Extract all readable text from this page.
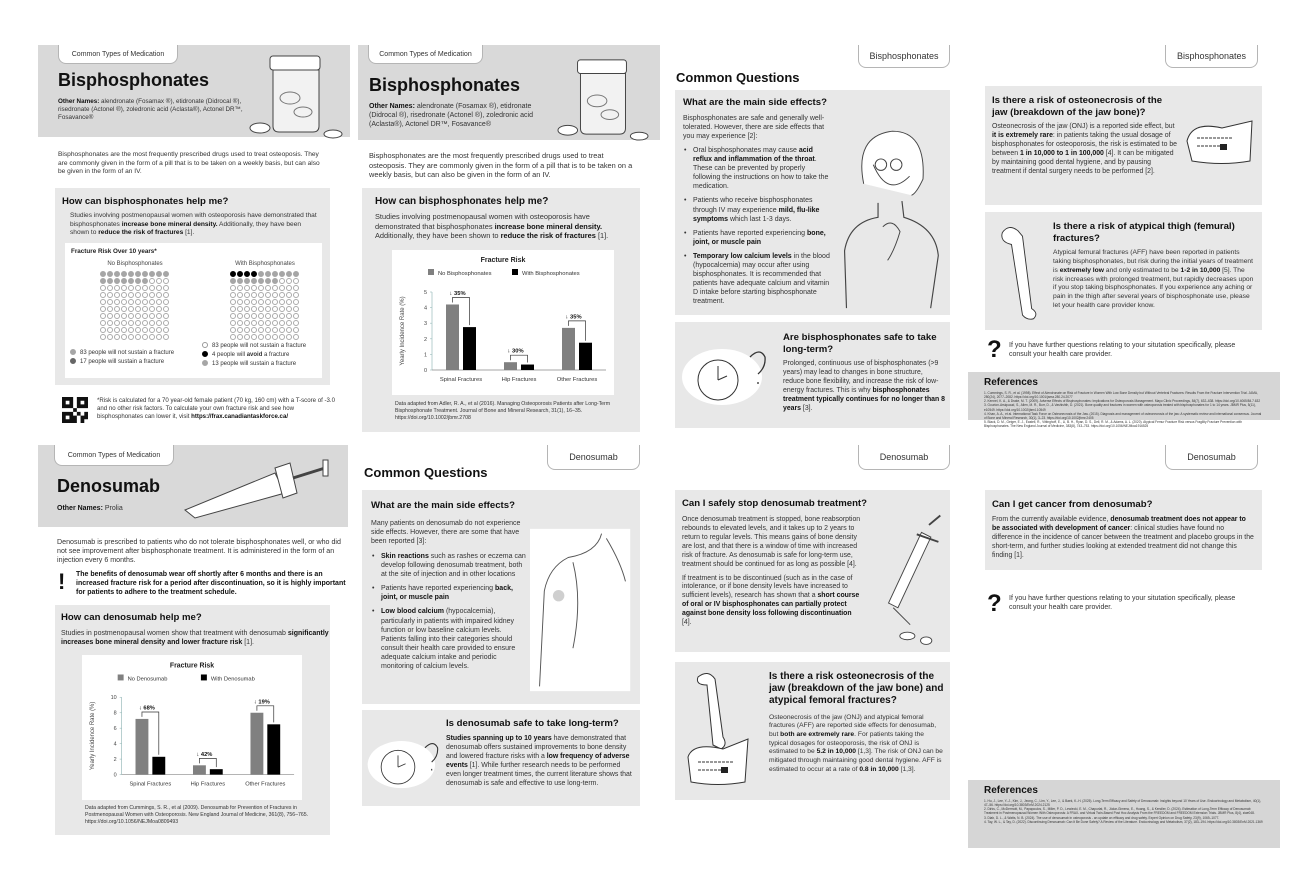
Common Types of Medication
Bisphosphonates
Other Names: alendronate (Fosamax ®), etidronate (Didrocal ®), risedronate (Actonel ®), zoledronic acid (Aclasta®), Actonel DR™, Fosavance®
Bisphosphonates are the most frequently prescribed drugs used to treat osteoposis. They are commonly given in the form of a pill that is to be taken on a weekly basis, but can also be given in the form of an IV.
How can bisphosphonates help me?
Studies involving postmenopausal women with osteoporosis have demonstrated that bisphosphonates increase bone mineral density. Additionally, they have been shown to reduce the risk of fractures [1].
Fracture Risk Over 10 years*
No Bisphosphonates	With Bisphosphonates
83 people will not sustain a fracture
17 people will sustain a fracture
83 people will not sustain a fracture
4 people will avoid a fracture
13 people will sustain a fracture
*Risk is calculated for a 70 year-old female patient (70 kg, 160 cm) with a T-score of -3.0 and no other risk factors. To calculate your own fracture risk and see how bisphosphonates can lower it, visit https://frax.canadiantaskforce.ca/
Common Types of Medication
Bisphosphonates
Other Names: alendronate (Fosamax ®), etidronate (Didrocal ®), risedronate (Actonel ®), zoledronic acid (Aclasta®), Actonel DR™, Fosavance®
Bisphosphonates are the most frequently prescribed drugs used to treat osteoposis. They are commonly given in the form of a pill that is to be taken on a weekly basis, but can also be given in the form of an IV.
How can bisphosphonates help me?
Studies involving postmenopausal women with osteoporosis have demonstrated that bisphosphonates increase bone mineral density. Additionally, they have been shown to reduce the risk of fractures [1].
Fracture Risk
No Bisphosphonates	With Bisphosphonates
Yearly Incidence Rate (%)
0
1
2
3
4
5
Spinal Fractures
↓ 35%
Hip Fractures
↓ 30%
Other Fractures
↓ 35%
Data adapted from Adler, R. A., et al (2016). Managing Osteoporosis Patients after Long-Term Bisphosphonate Treatment. Journal of Bone and Mineral Research, 31(1), 16–35. https://doi.org/10.1002/jbmr.2708
Bisphosphonates
Common Questions
What are the main side effects?
Bisphosphonates are safe and generally well-tolerated. However, there are side effects that you may experience [2]:
• Oral bisphosphonates may cause acid reflux and inflammation of the throat. These can be prevented by properly following the instructions on how to take the medication.
• Patients who receive bisphosphonates through IV may experience mild, flu-like symptoms which last 1-3 days.
• Patients have reported experiencing bone, joint, or muscle pain
• Temporary low calcium levels in the blood (hypocalcemia) may occur after using bisphosphonates. It is recommended that patients have adequate calcium and vitamin D intake before starting bisphosphonate treatment.
Are bisphosphonates safe to take long-term?
Prolonged, continuous use of bisphosphonates (>9 years) may lead to changes in bone structure, reduce bone flexibility, and increase the risk of low-energy fractures. This is why bisphosphonates treatment typically continues for no longer than 8 years [3].
Bisphosphonates
Is there a risk of osteonecrosis of the jaw (breakdown of the jaw bone)?
Osteonecrosis of the jaw (ONJ) is a reported side effect, but it is extremely rare: in patients taking the usual dosage of bisphosphonates for osteoporosis, the risk is estimated to be between 1 in 10,000 to 1 in 100,000 [4]. It can be mitigated by maintaining good dental hygiene, and by pausing treatment if dental surgery needs to be performed [2].
Is there a risk of atypical thigh (femural) fractures?
Atypical femural fractures (AFF) have been reported in patients taking bisphosphonates, but risk during the initial years of treatment is extremely low and only estimated to be 1-2 in 10,000 [5]. The risk increases with prolonged treatment, but rapidly decreases upon if you stop taking bisphosphonates. If you experience any aching or pain in the thigh after several years of bisphosphonate use, please let your health care provider know.
? If you have further questions relating to your situtation specifically, please consult your health care provider.
References
1. Cummings, S. R., et al. (1998). Effect of Alendronate on Risk of Fracture in Women With Low Bone Density but Without Vertebral Fractures: Results From the Fracture Intervention Trial. JAMA, 280(24), 2077–2082. https://doi.org/10.1001/jama.280.24.2077
2. Kennel, K. A., & Drake, M. T. (2009). Adverse Effects of Bisphosphonates: Implications for Osteoporosis Management. Mayo Clinic Proceedings, 84(7), 632–638. https://doi.org/10.4065/84.7.632
3. Gourion-Arsiquaud, S., Allen, M. R., Burr, D., & Vashishth, D. (2021). Bone quality and fractures in women with osteoporosis treated with bisphosphonates for 1 to 14 years. JBMR Plus, 5(11), e10549. https://doi.org/10.1002/jbm4.10549
4. Khan, A. A., et al. International Task Force on Osteonecrosis of the Jaw. (2015). Diagnosis and management of osteonecrosis of the jaw: A systematic review and international consensus. Journal of Bone and Mineral Research, 30(1), 3–23. https://doi.org/10.1002/jbmr.2405
5. Black, D. M., Geiger, E. J., Eastell, R., Vittinghoff, E., Li, B. H., Ryan, D. S., Dell, R. M., & Adams, A. L. (2020). Atypical Femur Fracture Risk versus Fragility Fracture Prevention with Bisphosphonates. The New England Journal of Medicine, 383(8), 743–753. https://doi.org/10.1056/NEJMoa1916525
Common Types of Medication
Denosumab
Other Names: Prolia
Denosumab is prescribed to patients who do not tolerate bisphosphonates well, or who did not see improvement after bisphosphonate treatment. It is administered in the form of an injection every 6 months.
! The benefits of denosumab wear off shortly after 6 months and there is an increased fracture risk for a period after discontinuation, so it is highly important for patients to adhere to the treatment schedule.
How can denosumab help me?
Studies in postmenopausal women show that treatment with denosumab significantly increases bone mineral density and lower fracture risk [1].
Fracture Risk
No Denosumab	With Denosumab
Yearly Incidence Rate (%)
0
2
4
6
8
10
Spinal Fractures
↓ 68%
Hip Fractures
↓ 42%
Other Fractures
↓ 19%
Data adapted from Cummings, S. R., et al (2009). Denosumab for Prevention of Fractures in Postmenopausal Women with Osteoporosis. New England Journal of Medicine, 361(8), 756–765. https://doi.org/10.1056/NEJMoa0809493
Denosumab
Common Questions
What are the main side effects?
Many patients on denosumab do not experience side effects. However, there are some that have been reported [3]:
• Skin reactions such as rashes or eczema can develop following denosumab treatment, both at the site of injection and in other locations
• Patients have reported experiencing back, joint, or muscle pain
• Low blood calcium (hypocalcemia), particularly in patients with impaired kidney function or low baseline calcium levels. Patients falling into their categories should consult their health care provided to ensure adequate calcium intake and periodic monitoring of calcium levels.
Is denosumab safe to take long-term?
Studies spanning up to 10 years have demonstrated that denosumab offers sustained improvements to bone density and lowered fracture risks with a low frequency of adverse events [1]. While further research needs to be performed even longer treatment times, the current literature shows that denosumab is safe and effective to use long-term.
Denosumab
Can I safely stop denosumab treatment?
Once denosumab treatment is stopped, bone reabsorption rebounds to elevated levels, and it takes up to 2 years to return to regular levels. This means gains of bone density are lost, and that there is a window of time with increased risk of fracture. As denosumab is safe for long-term use, treatment should be continued for as long as possible [4].
If treatment is to be discontinued (such as in the case of intolerance, or if bone density levels have increased to sufficient levels), research has shown that a short course of oral or IV bisphosphonates can partially protect against bone density loss following discontinuation [4].
Is there a risk osteonecrosis of the jaw (breakdown of the jaw bone) and atypical femoral fractures?
Osteonecrosis of the jaw (ONJ) and atypical femoral fractures (AFF) are reported side effects for denosumab, but both are extremely rare. For patients taking the typical dosages for osteoporosis, the risk of ONJ is estimated to be 5.2 in 10,000 [1,3]. The risk of ONJ can be mitigated through maintaining good dental hygiene. AFF is estimated to occur at a rate of 0.8 in 10,000 [1,3].
Denosumab
Can I get cancer from denosumab?
From the currently available evidence, denosumab treatment does not appear to be associated with development of cancer: clinical studies have found no difference in the incidence of cancer between the treatment and placebo groups in the short-term, and further studies looking at extended treatment did not change this finding [1].
? If you have further questions relating to your situtation specifically, please consult your health care provider.
References
1. Hu, J., Lee, Y.-J., Kim, J., Jeong, C., Lim, Y., Lee, J., & Baek, K.-H. (2025). Long-Term Efficacy and Safety of Denosumab: Insights beyond 10 Years of Use. Endocrinology and Metabolism, 40(1), 47–56. https://doi.org/10.3803/EnM.2024.2125
2. Dirks, C., McDermott, M., Papapoulos, S., Miller, P. D., Lewiecki, E. M., Chapurlat, R., Jódar-Gimeno, E., Huang, S., & Kendler, D. (2024). Estimation of Long-Term Efficacy of Denosumab Treatment in Postmenopausal Women With Osteoporosis: A FRAX- and Virtual Twin-Based Post Hoc Analysis From the FREEDOM and FREEDOM Extension Trials. JBMR Plus, 8(4), ziae048.
3. Diab, D. L., & Watts, N. B. (2024). The use of denosumab in osteoporosis - an update on efficacy and drug safety. Expert Opinion on Drug Safety, 23(9), 1069–1077.
4. Tay, W. L., & Tay, D. (2022). Discontinuing Denosumab: Can It Be Done Safely? A Review of the Literature. Endocrinology and Metabolism, 37(2), 183–194. https://doi.org/10.3803/EnM.2021.1369
